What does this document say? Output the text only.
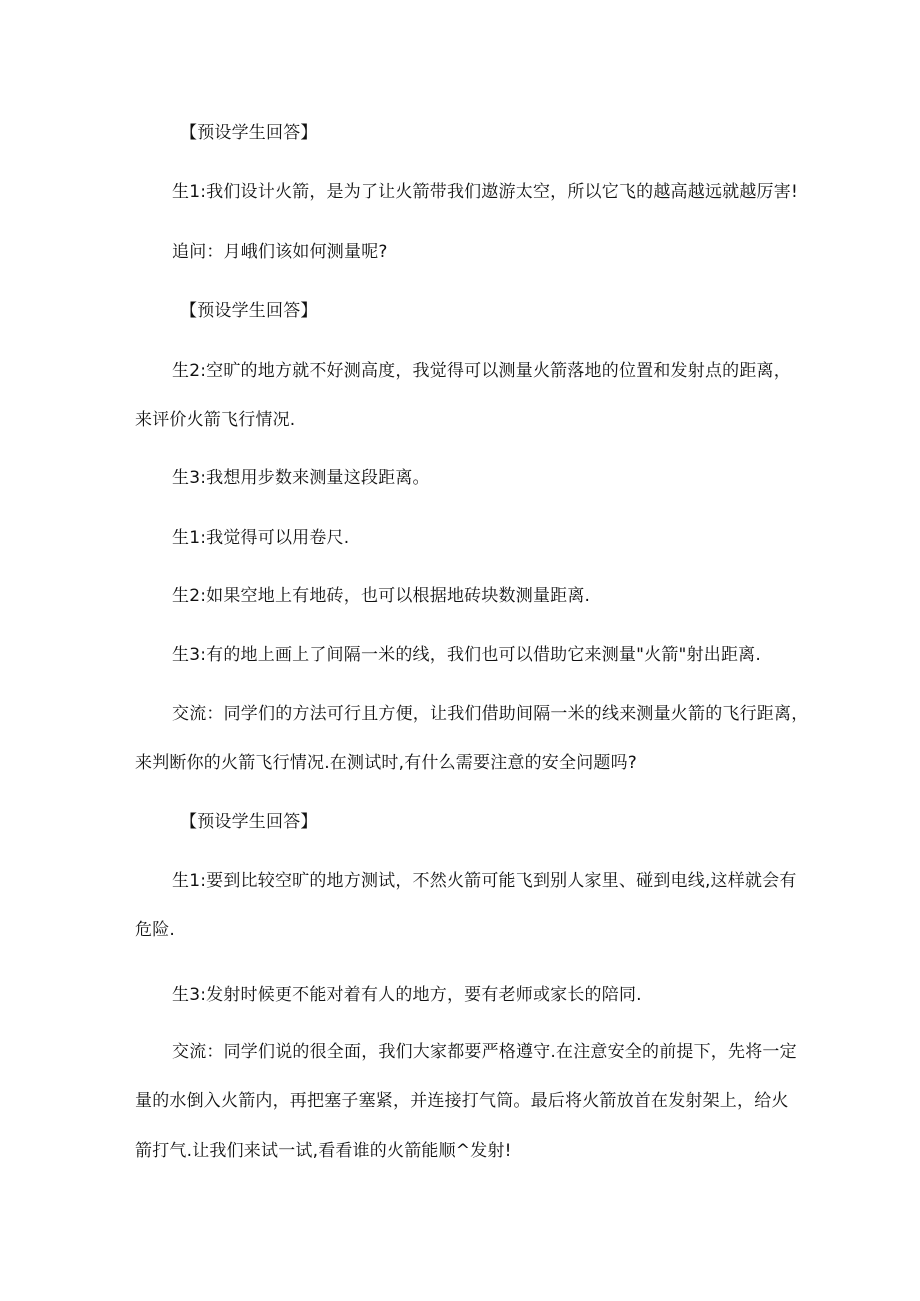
【预设学生回答】
生1:我们设计火箭，是为了让火箭带我们遨游太空，所以它飞的越高越远就越厉害!
追问：月峨们该如何测量呢?
【预设学生回答】
生2:空旷的地方就不好测高度，我觉得可以测量火箭落地的位置和发射点的距离，
来评价火箭飞行情况.
生3:我想用步数来测量这段距离。
生1:我觉得可以用卷尺.
生2:如果空地上有地砖，也可以根据地砖块数测量距离.
生3:有的地上画上了间隔一米的线，我们也可以借助它来测量"火箭"射出距离.
交流：同学们的方法可行且方便，让我们借助间隔一米的线来测量火箭的飞行距离，
来判断你的火箭飞行情况.在测试时,有什么需要注意的安全问题吗?
【预设学生回答】
生1:要到比较空旷的地方测试，不然火箭可能飞到别人家里、碰到电线,这样就会有
危险.
生3:发射时候更不能对着有人的地方，要有老师或家长的陪同.
交流：同学们说的很全面，我们大家都要严格遵守.在注意安全的前提下，先将一定
量的水倒入火箭内，再把塞子塞紧，并连接打气筒。最后将火箭放首在发射架上，给火
箭打气.让我们来试一试,看看谁的火箭能顺^发射!
